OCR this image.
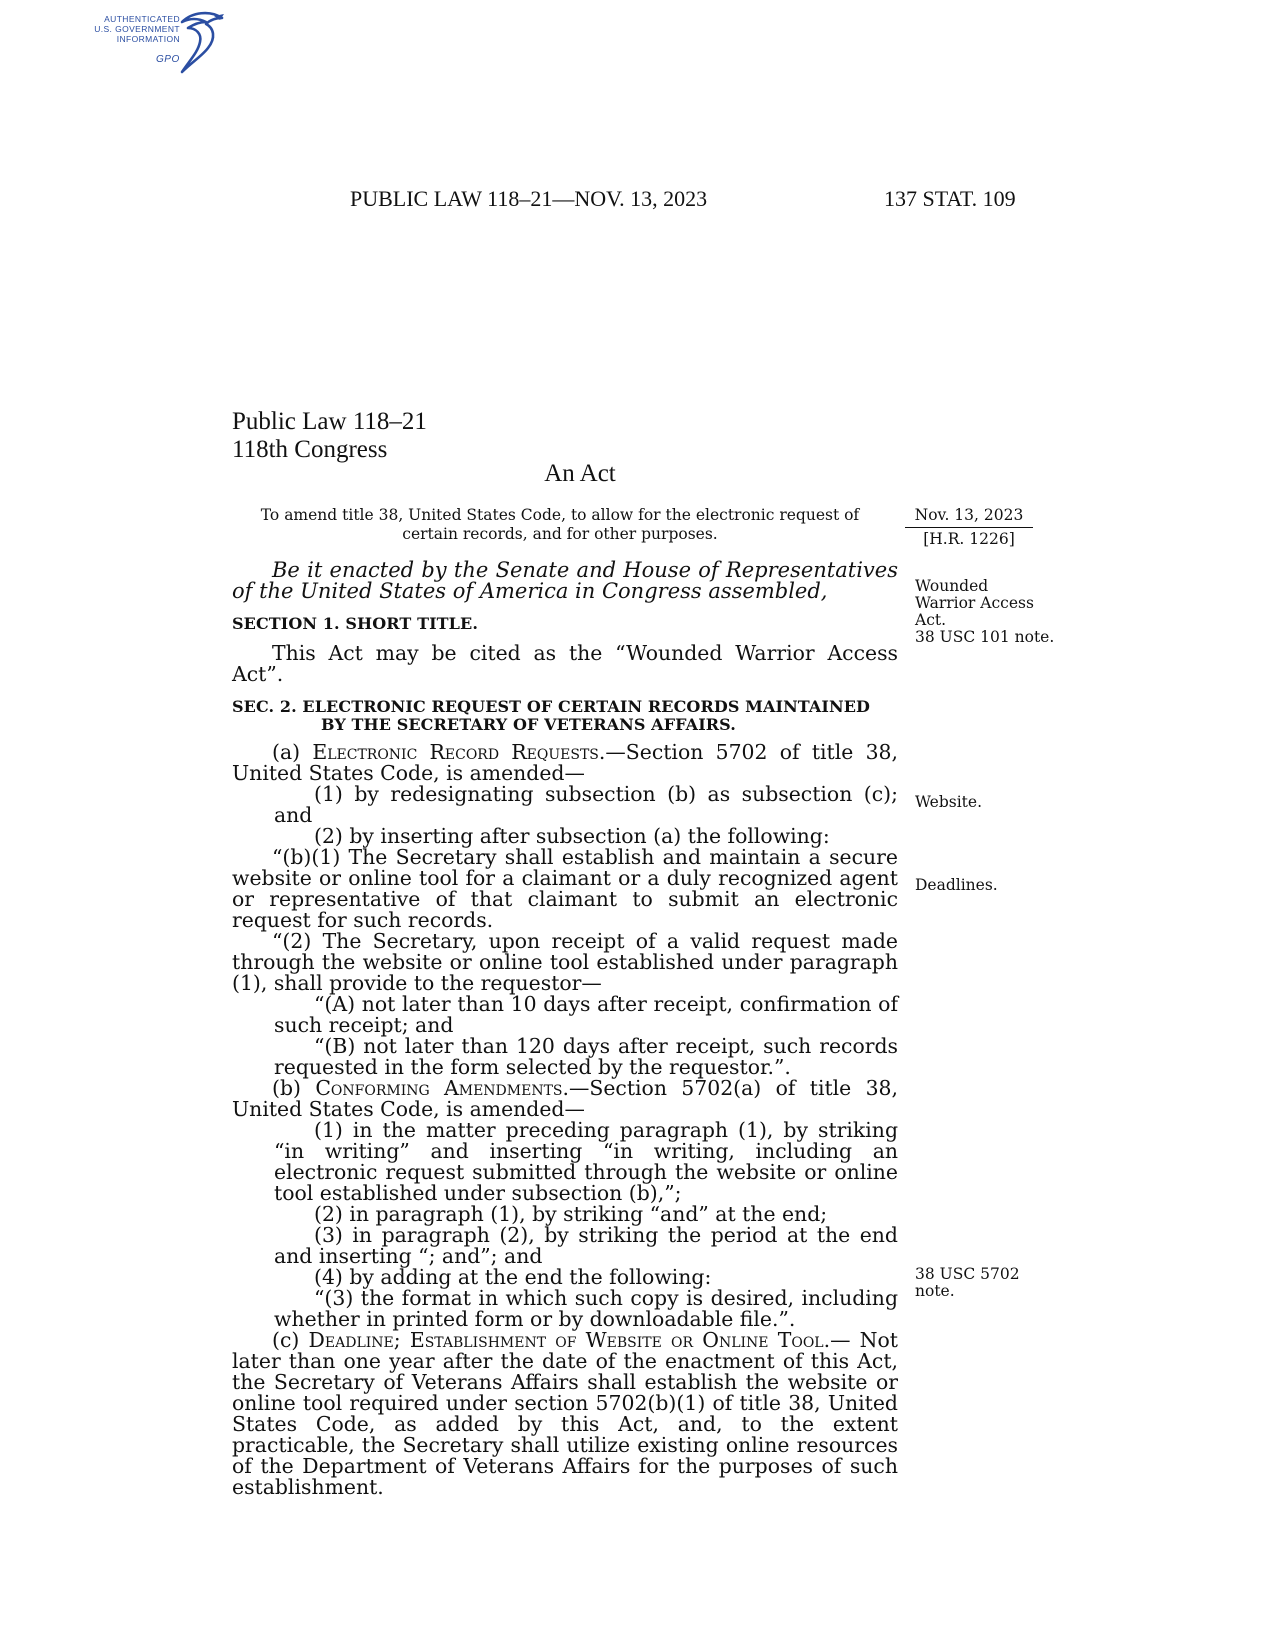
AUTHENTICATED
U.S. GOVERNMENT
INFORMATION
GPO
PUBLIC LAW 118–21—NOV. 13, 2023	137 STAT. 109
Public Law 118–21
118th Congress
An Act
To amend title 38, United States Code, to allow for the electronic request of
certain records, and for other purposes.
Nov. 13, 2023
[H.R. 1226]
Wounded
Warrior Access
Act.
38 USC 101 note.
Website.
Deadlines.
38 USC 5702
note.

Be it enacted by the Senate and House of Representatives of the United States of America in Congress assembled,

SECTION 1. SHORT TITLE.

This Act may be cited as the “Wounded Warrior Access Act”.

SEC. 2. ELECTRONIC REQUEST OF CERTAIN RECORDS MAINTAINED
BY THE SECRETARY OF VETERANS AFFAIRS.

(a) Electronic Record Requests.—Section 5702 of title 38, United States Code, is amended—

(1) by redesignating subsection (b) as subsection (c); and

(2) by inserting after subsection (a) the following:

“(b)(1) The Secretary shall establish and maintain a secure website or online tool for a claimant or a duly recognized agent or representative of that claimant to submit an electronic request for such records.

“(2) The Secretary, upon receipt of a valid request made through the website or online tool established under paragraph (1), shall provide to the requestor—

“(A) not later than 10 days after receipt, confirmation of such receipt; and

“(B) not later than 120 days after receipt, such records requested in the form selected by the requestor.”.

(b) Conforming Amendments.—Section 5702(a) of title 38, United States Code, is amended—

(1) in the matter preceding paragraph (1), by striking “in writing” and inserting “in writing, including an electronic request submitted through the website or online tool established under subsection (b),”;

(2) in paragraph (1), by striking “and” at the end;

(3) in paragraph (2), by striking the period at the end and inserting “; and”; and

(4) by adding at the end the following:

“(3) the format in which such copy is desired, including whether in printed form or by downloadable file.”.

(c) Deadline; Establishment of Website or Online Tool.— Not later than one year after the date of the enactment of this Act, the Secretary of Veterans Affairs shall establish the website or online tool required under section 5702(b)(1) of title 38, United States Code, as added by this Act, and, to the extent practicable, the Secretary shall utilize existing online resources of the Department of Veterans Affairs for the purposes of such establishment.
